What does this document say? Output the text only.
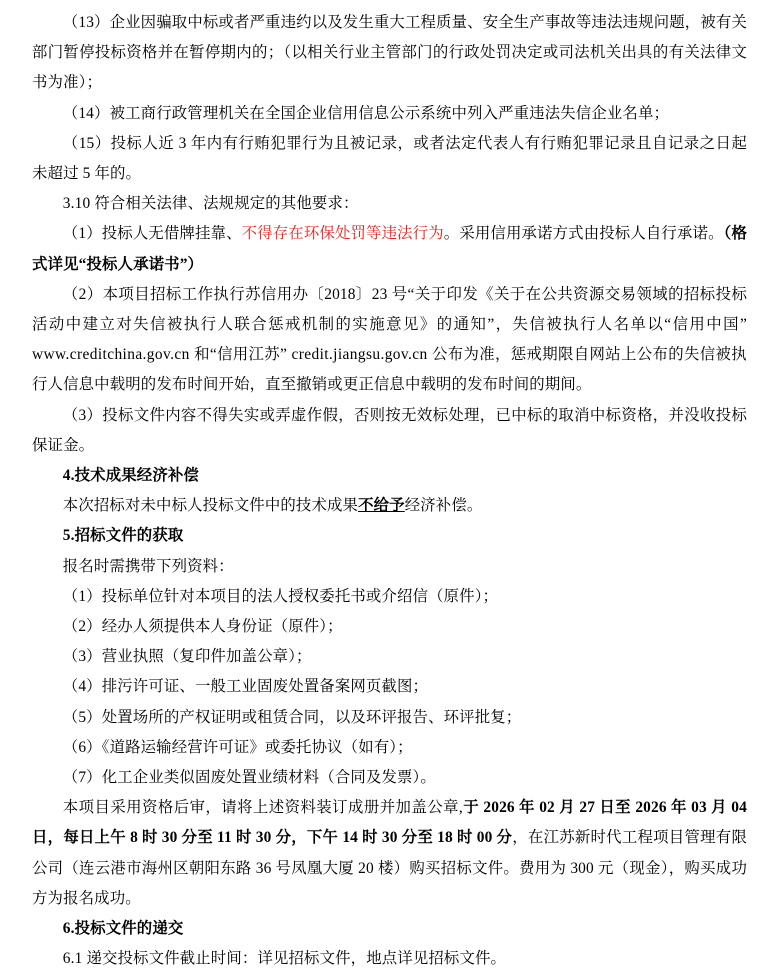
（13）企业因骗取中标或者严重违约以及发生重大工程质量、安全生产事故等违法违规问题，被有关部门暂停投标资格并在暂停期内的；（以相关行业主管部门的行政处罚决定或司法机关出具的有关法律文书为准）；

（14）被工商行政管理机关在全国企业信用信息公示系统中列入严重违法失信企业名单；

（15）投标人近 3 年内有行贿犯罪行为且被记录，或者法定代表人有行贿犯罪记录且自记录之日起未超过 5 年的。

3.10 符合相关法律、法规规定的其他要求：

（1）投标人无借牌挂靠、不得存在环保处罚等违法行为。采用信用承诺方式由投标人自行承诺。（格式详见“投标人承诺书”）

（2）本项目招标工作执行苏信用办〔2018〕23 号“关于印发《关于在公共资源交易领域的招标投标活动中建立对失信被执行人联合惩戒机制的实施意见》的通知”，失信被执行人名单以“信用中国” www.creditchina.gov.cn 和“信用江苏” credit.jiangsu.gov.cn 公布为准，惩戒期限自网站上公布的失信被执行人信息中载明的发布时间开始，直至撤销或更正信息中载明的发布时间的期间。

（3）投标文件内容不得失实或弄虚作假，否则按无效标处理，已中标的取消中标资格，并没收投标保证金。

4.技术成果经济补偿

本次招标对未中标人投标文件中的技术成果不给予经济补偿。

5.招标文件的获取

报名时需携带下列资料：

（1）投标单位针对本项目的法人授权委托书或介绍信（原件）；

（2）经办人须提供本人身份证（原件）；

（3）营业执照（复印件加盖公章）；

（4）排污许可证、一般工业固废处置备案网页截图；

（5）处置场所的产权证明或租赁合同，以及环评报告、环评批复；

（6）《道路运输经营许可证》或委托协议（如有）；

（7）化工企业类似固废处置业绩材料（合同及发票）。

本项目采用资格后审，请将上述资料装订成册并加盖公章,于 2026 年 02 月 27 日至 2026 年 03 月 04 日，每日上午 8 时 30 分至 11 时 30 分，下午 14 时 30 分至 18 时 00 分，在江苏新时代工程项目管理有限公司（连云港市海州区朝阳东路 36 号凤凰大厦 20 楼）购买招标文件。费用为 300 元（现金），购买成功方为报名成功。

6.投标文件的递交

6.1 递交投标文件截止时间：详见招标文件，地点详见招标文件。
